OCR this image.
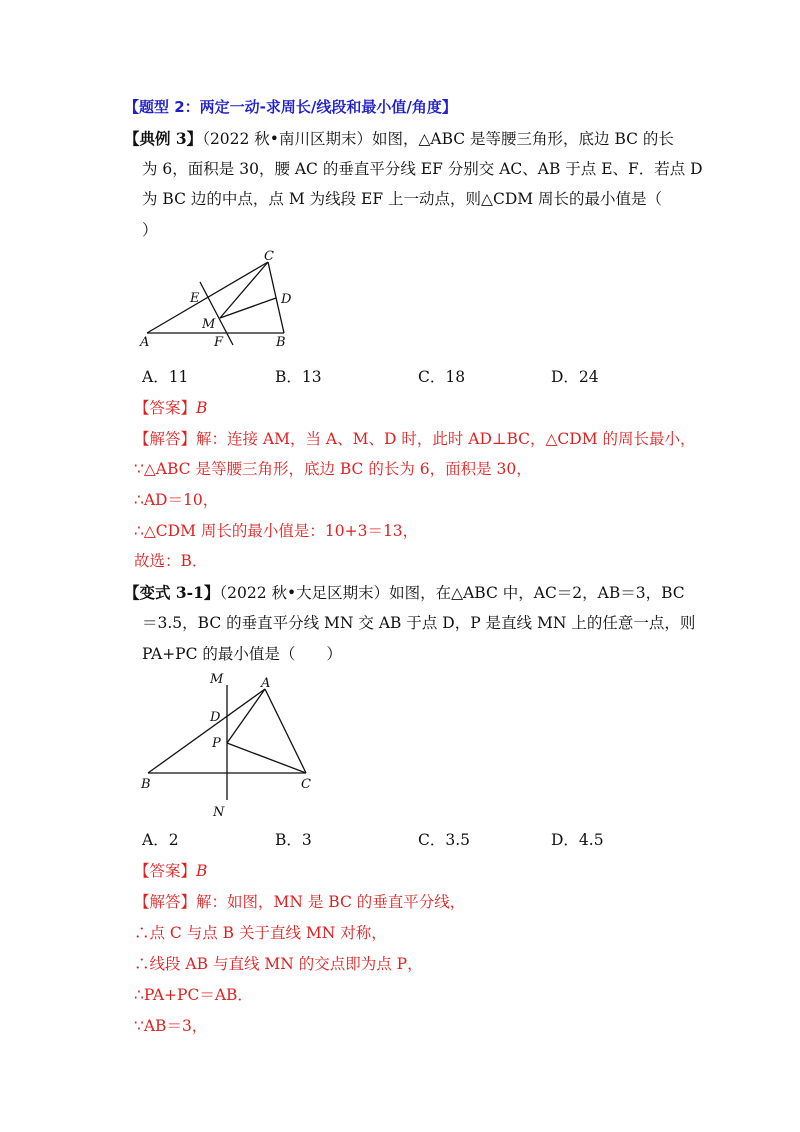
【题型 2：两定一动-求周长/线段和最小值/角度】
【典例 3】（2022 秋•南川区期末）如图，△ABC 是等腰三角形，底边 BC 的长
为 6，面积是 30，腰 AC 的垂直平分线 EF 分别交 AC、AB 于点 E、F．若点 D
为 BC 边的中点，点 M 为线段 EF 上一动点，则△CDM 周长的最小值是（
）
C
D
E
M
A	F	B
A．11	B．13	C．18	D．24
【答案】B
【解答】解：连接 AM，当 A、M、D 时，此时 AD⊥BC，△CDM 的周长最小，
∵△ABC 是等腰三角形，底边 BC 的长为 6，面积是 30，
∴AD＝10，
∴△CDM 周长的最小值是：10+3＝13，
故选：B．
【变式 3-1】（2022 秋•大足区期末）如图，在△ABC 中，AC＝2，AB＝3，BC
＝3.5，BC 的垂直平分线 MN 交 AB 于点 D，P 是直线 MN 上的任意一点，则
PA+PC 的最小值是（　　）
M	A
D
P
B	C
N
A．2	B．3	C．3.5	D．4.5
【答案】B
【解答】解：如图，MN 是 BC 的垂直平分线，
∴点 C 与点 B 关于直线 MN 对称，
∴线段 AB 与直线 MN 的交点即为点 P，
∴PA+PC＝AB．
∵AB＝3，
